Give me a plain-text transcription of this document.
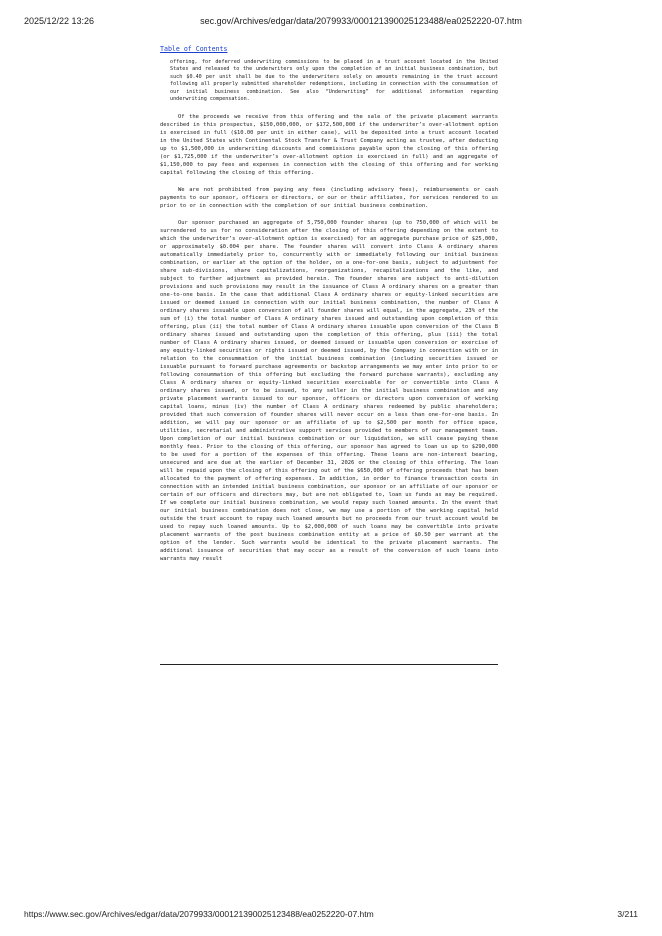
2025/12/22 13:26	sec.gov/Archives/edgar/data/2079933/000121390025123488/ea0252220-07.htm
Table of Contents

offering, for deferred underwriting commissions to be placed in a trust account located in the United States and released to the underwriters only upon the completion of an initial business combination, but such $0.40 per unit shall be due to the underwriters solely on amounts remaining in the trust account following all properly submitted shareholder redemptions, including in connection with the consummation of our initial business combination. See also “Underwriting” for additional information regarding underwriting compensation.

Of the proceeds we receive from this offering and the sale of the private placement warrants described in this prospectus, $150,000,000, or $172,500,000 if the underwriter’s over-allotment option is exercised in full ($10.00 per unit in either case), will be deposited into a trust account located in the United States with Continental Stock Transfer & Trust Company acting as trustee, after deducting up to $1,500,000 in underwriting discounts and commissions payable upon the closing of this offering (or $1,725,000 if the underwriter’s over-allotment option is exercised in full) and an aggregate of $1,150,000 to pay fees and expenses in connection with the closing of this offering and for working capital following the closing of this offering.

We are not prohibited from paying any fees (including advisory fees), reimbursements or cash payments to our sponsor, officers or directors, or our or their affiliates, for services rendered to us prior to or in connection with the completion of our initial business combination.

Our sponsor purchased an aggregate of 5,750,000 founder shares (up to 750,000 of which will be surrendered to us for no consideration after the closing of this offering depending on the extent to which the underwriter’s over-allotment option is exercised) for an aggregate purchase price of $25,000, or approximately $0.004 per share. The founder shares will convert into Class A ordinary shares automatically immediately prior to, concurrently with or immediately following our initial business combination, or earlier at the option of the holder, on a one-for-one basis, subject to adjustment for share sub-divisions, share capitalizations, reorganizations, recapitalizations and the like, and subject to further adjustment as provided herein. The founder shares are subject to anti-dilution provisions and such provisions may result in the issuance of Class A ordinary shares on a greater than one-to-one basis. In the case that additional Class A ordinary shares or equity-linked securities are issued or deemed issued in connection with our initial business combination, the number of Class A ordinary shares issuable upon conversion of all founder shares will equal, in the aggregate, 23% of the sum of (i) the total number of Class A ordinary shares issued and outstanding upon completion of this offering, plus (ii) the total number of Class A ordinary shares issuable upon conversion of the Class B ordinary shares issued and outstanding upon the completion of this offering, plus (iii) the total number of Class A ordinary shares issued, or deemed issued or issuable upon conversion or exercise of any equity-linked securities or rights issued or deemed issued, by the Company in connection with or in relation to the consummation of the initial business combination (including securities issued or issuable pursuant to forward purchase agreements or backstop arrangements we may enter into prior to or following consummation of this offering but excluding the forward purchase warrants), excluding any Class A ordinary shares or equity-linked securities exercisable for or convertible into Class A ordinary shares issued, or to be issued, to any seller in the initial business combination and any private placement warrants issued to our sponsor, officers or directors upon conversion of working capital loans, minus (iv) the number of Class A ordinary shares redeemed by public shareholders; provided that such conversion of founder shares will never occur on a less than one-for-one basis. In addition, we will pay our sponsor or an affiliate of up to $2,500 per month for office space, utilities, secretarial and administrative support services provided to members of our management team. Upon completion of our initial business combination or our liquidation, we will cease paying these monthly fees. Prior to the closing of this offering, our sponsor has agreed to loan us up to $290,000 to be used for a portion of the expenses of this offering. These loans are non-interest bearing, unsecured and are due at the earlier of December 31, 2026 or the closing of this offering. The loan will be repaid upon the closing of this offering out of the $650,000 of offering proceeds that has been allocated to the payment of offering expenses. In addition, in order to finance transaction costs in connection with an intended initial business combination, our sponsor or an affiliate of our sponsor or certain of our officers and directors may, but are not obligated to, loan us funds as may be required. If we complete our initial business combination, we would repay such loaned amounts. In the event that our initial business combination does not close, we may use a portion of the working capital held outside the trust account to repay such loaned amounts but no proceeds from our trust account would be used to repay such loaned amounts. Up to $2,000,000 of such loans may be convertible into private placement warrants of the post business combination entity at a price of $0.50 per warrant at the option of the lender. Such warrants would be identical to the private placement warrants. The additional issuance of securities that may occur as a result of the conversion of such loans into warrants may result

https://www.sec.gov/Archives/edgar/data/2079933/000121390025123488/ea0252220-07.htm	3/211
